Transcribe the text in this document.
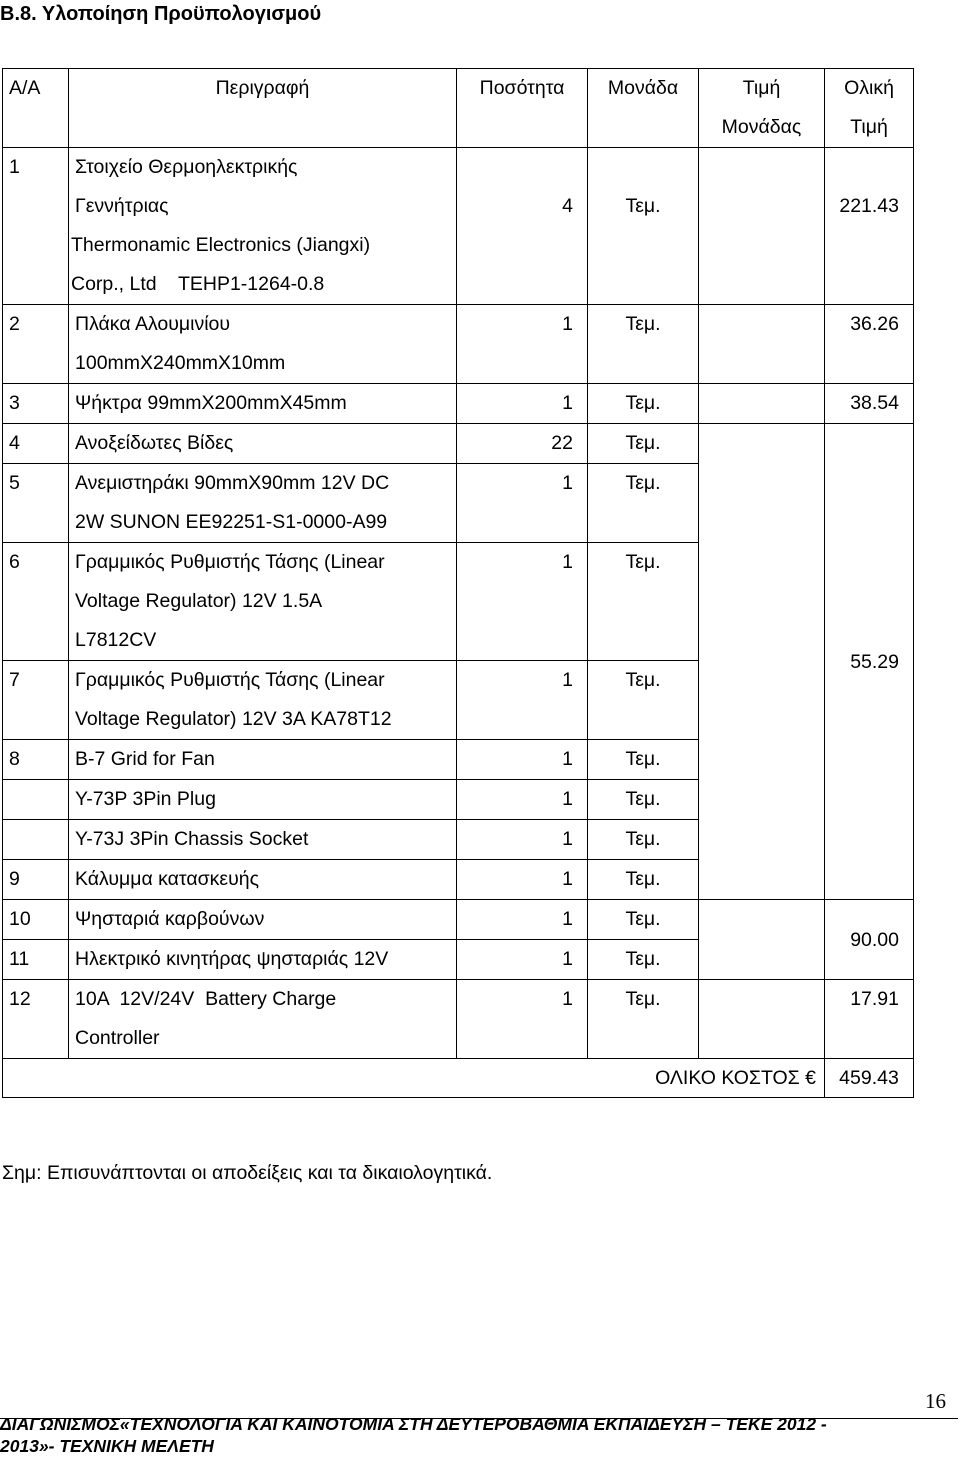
Β.8. Υλοποίηση Προϋπολογισμού
Α/Α	Περιγραφή	Ποσότητα	Μονάδα	Τιμή
Μονάδας	Ολική
Τιμή

1	Στοιχείο Θερμοηλεκτρικής
Γεννήτριας
Thermonamic Electronics (Jiangxi)
Corp., Ltd    TEHP1-1264-0.8	4	Τεμ.		221.43
2	Πλάκα Αλουμινίου
100mmX240mmX10mm	1	Τεμ.		36.26
3	Ψήκτρα 99mmX200mmX45mm	1	Τεμ.		38.54
4	Ανοξείδωτες Βίδες	22	Τεμ.		55.29
5	Ανεμιστηράκι 90mmX90mm 12V DC
2W SUNON EE92251-S1-0000-A99	1	Τεμ.		
6	Γραμμικός Ρυθμιστής Τάσης (Linear
Voltage Regulator) 12V 1.5A
L7812CV	1	Τεμ.		
7	Γραμμικός Ρυθμιστής Τάσης (Linear
Voltage Regulator) 12V 3A KA78T12	1	Τεμ.		
8	B-7 Grid for Fan	1	Τεμ.		
	Y-73P 3Pin Plug	1	Τεμ.		
	Y-73J 3Pin Chassis Socket	1	Τεμ.		
9	Κάλυμμα κατασκευής	1	Τεμ.		
10	Ψησταριά καρβούνων	1	Τεμ.		90.00
11	Ηλεκτρικό κινητήρας ψησταριάς 12V	1	Τεμ.		
12	10A  12V/24V  Battery Charge
Controller	1	Τεμ.		17.91
ΟΛΙΚΟ ΚΟΣΤΟΣ €					459.43
Σημ: Επισυνάπτονται οι αποδείξεις και τα δικαιολογητικά.
16
ΔΙΑΓΩΝΙΣΜΟΣ«ΤΕΧΝΟΛΟΓΙΑ ΚΑΙ ΚΑΙΝΟΤΟΜΙΑ ΣΤΗ ΔΕΥΤΕΡΟΒΑΘΜΙΑ ΕΚΠΑΙΔΕΥΣΗ – ΤΕΚΕ 2012 -
2013»- ΤΕΧΝΙΚΗ ΜΕΛΕΤΗ
